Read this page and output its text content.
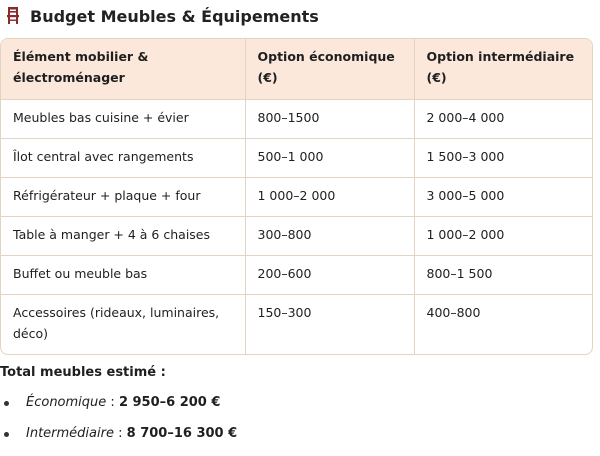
Budget Meubles & Équipements
Élément mobilier & électroménager	Option économique (€)	Option intermédiaire (€)
Meubles bas cuisine + évier	800–1500	2 000–4 000
Îlot central avec rangements	500–1 000	1 500–3 000
Réfrigérateur + plaque + four	1 000–2 000	3 000–5 000
Table à manger + 4 à 6 chaises	300–800	1 000–2 000
Buffet ou meuble bas	200–600	800–1 500
Accessoires (rideaux, luminaires, déco)	150–300	400–800
Total meubles estimé :
Économique : 2 950–6 200 €
Intermédiaire : 8 700–16 300 €
